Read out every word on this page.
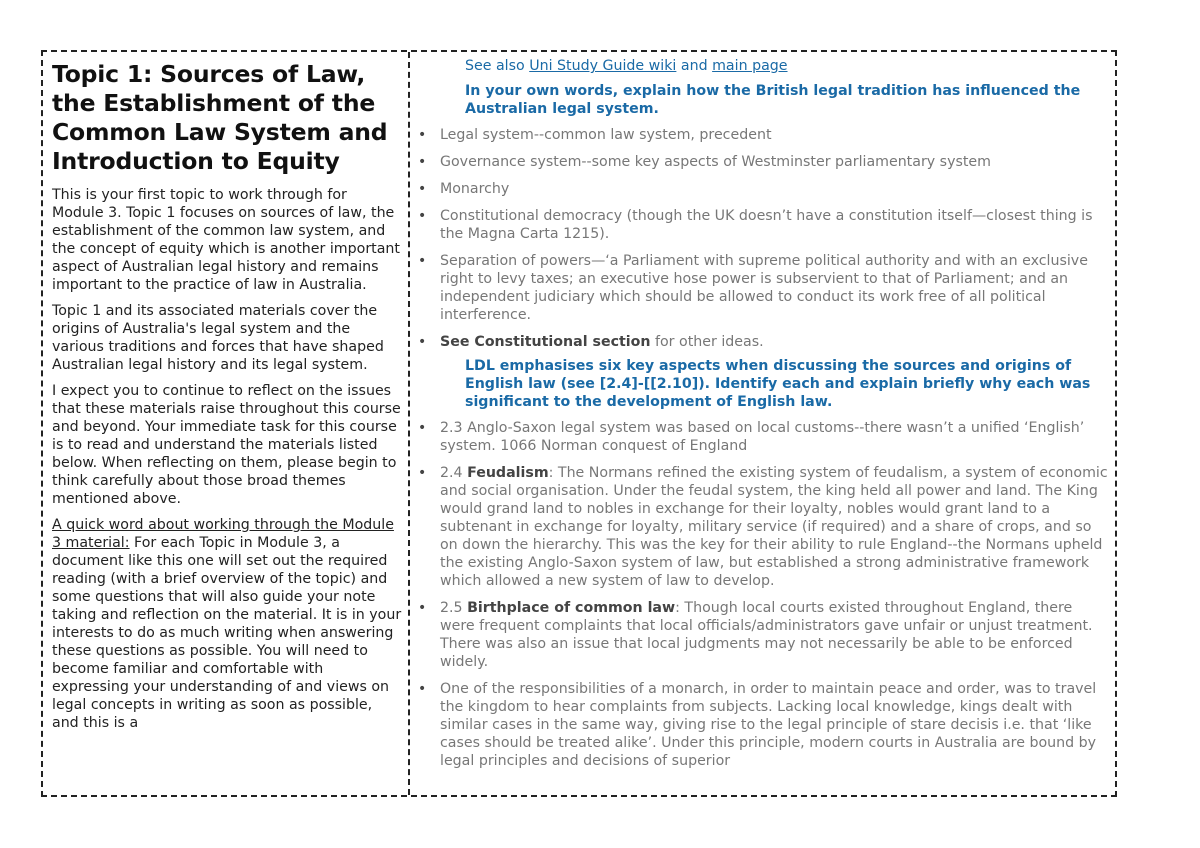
Topic 1: Sources of Law, the Establishment of the Common Law System and Introduction to Equity

This is your first topic to work through for Module 3. Topic 1 focuses on sources of law, the establishment of the common law system, and the concept of equity which is another important aspect of Australian legal history and remains important to the practice of law in Australia.

Topic 1 and its associated materials cover the origins of Australia's legal system and the various traditions and forces that have shaped Australian legal history and its legal system.

I expect you to continue to reflect on the issues that these materials raise throughout this course and beyond. Your immediate task for this course is to read and understand the materials listed below. When reflecting on them, please begin to think carefully about those broad themes mentioned above.

A quick word about working through the Module 3 material: For each Topic in Module 3, a document like this one will set out the required reading (with a brief overview of the topic) and some questions that will also guide your note taking and reflection on the material. It is in your interests to do as much writing when answering these questions as possible. You will need to become familiar and comfortable with expressing your understanding of and views on legal concepts in writing as soon as possible, and this is a

See also Uni Study Guide wiki and main page
In your own words, explain how the British legal tradition has influenced the Australian legal system.
• Legal system--common law system, precedent
• Governance system--some key aspects of Westminster parliamentary system
• Monarchy
• Constitutional democracy (though the UK doesn’t have a constitution itself—closest thing is the Magna Carta 1215).
• Separation of powers—‘a Parliament with supreme political authority and with an exclusive right to levy taxes; an executive hose power is subservient to that of Parliament; and an independent judiciary which should be allowed to conduct its work free of all political interference.
• See Constitutional section for other ideas.
LDL emphasises six key aspects when discussing the sources and origins of English law (see [2.4]-[[2.10]). Identify each and explain briefly why each was significant to the development of English law.
• 2.3 Anglo-Saxon legal system was based on local customs--there wasn’t a unified ‘English’ system. 1066 Norman conquest of England
• 2.4 Feudalism: The Normans refined the existing system of feudalism, a system of economic and social organisation. Under the feudal system, the king held all power and land. The King would grand land to nobles in exchange for their loyalty, nobles would grant land to a subtenant in exchange for loyalty, military service (if required) and a share of crops, and so on down the hierarchy. This was the key for their ability to rule England--the Normans upheld the existing Anglo-Saxon system of law, but established a strong administrative framework which allowed a new system of law to develop.
• 2.5 Birthplace of common law: Though local courts existed throughout England, there were frequent complaints that local officials/administrators gave unfair or unjust treatment. There was also an issue that local judgments may not necessarily be able to be enforced widely.
• One of the responsibilities of a monarch, in order to maintain peace and order, was to travel the kingdom to hear complaints from subjects. Lacking local knowledge, kings dealt with similar cases in the same way, giving rise to the legal principle of stare decisis i.e. that ‘like cases should be treated alike’. Under this principle, modern courts in Australia are bound by legal principles and decisions of superior
